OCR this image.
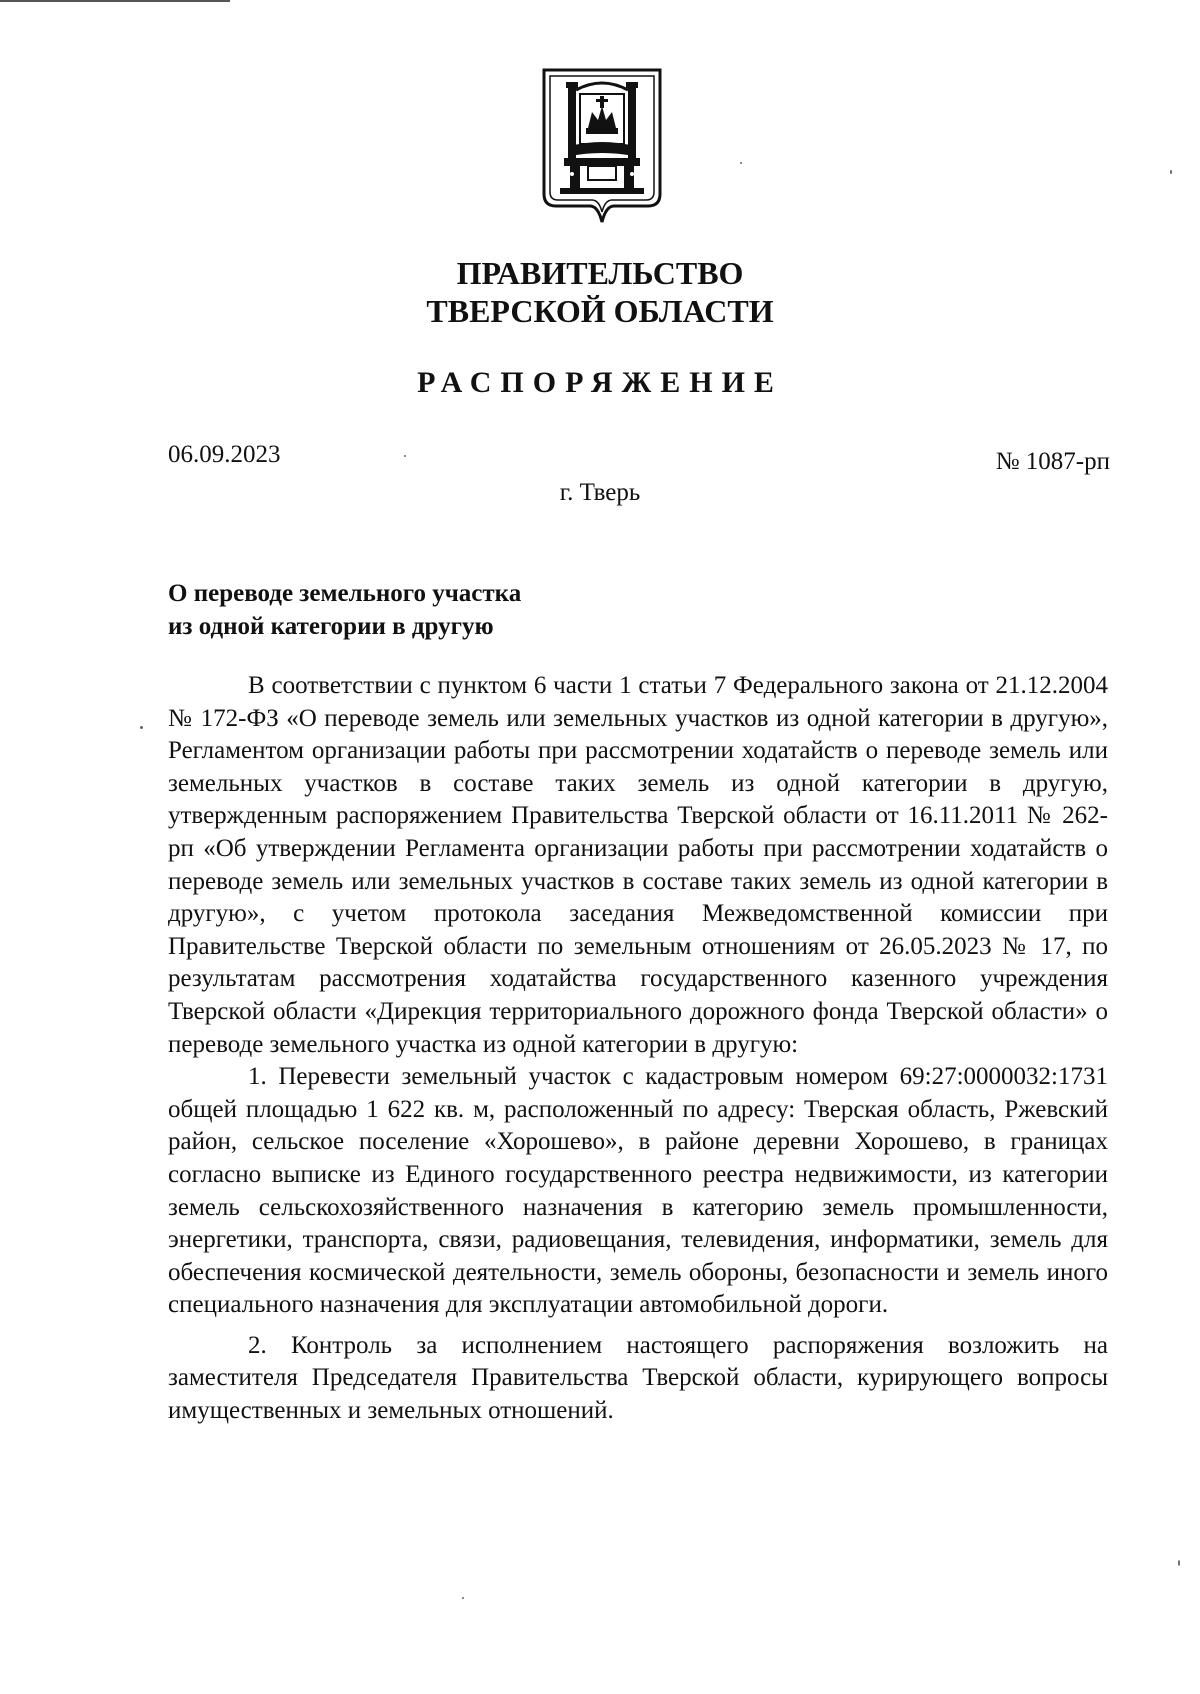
ПРАВИТЕЛЬСТВО
ТВЕРСКОЙ ОБЛАСТИ
РАСПОРЯЖЕНИЕ
06.09.2023	№ 1087-рп
г. Тверь
О переводе земельного участка
из одной категории в другую

В соответствии с пунктом 6 части 1 статьи 7 Федерального закона от 21.12.2004 № 172-ФЗ «О переводе земель или земельных участков из одной категории в другую», Регламентом организации работы при рассмотрении ходатайств о переводе земель или земельных участков в составе таких земель из одной категории в другую, утвержденным распоряжением Правительства Тверской области от 16.11.2011 № 262-рп «Об утверждении Регламента организации работы при рассмотрении ходатайств о переводе земель или земельных участков в составе таких земель из одной категории в другую», с учетом протокола заседания Межведомственной комиссии при Правительстве Тверской области по земельным отношениям от 26.05.2023 № 17, по результатам рассмотрения ходатайства государственного казенного учреждения Тверской области «Дирекция территориального дорожного фонда Тверской области» о переводе земельного участка из одной категории в другую:

1. Перевести земельный участок с кадастровым номером 69:27:0000032:1731 общей площадью 1 622 кв. м, расположенный по адресу: Тверская область, Ржевский район, сельское поселение «Хорошево», в районе деревни Хорошево, в границах согласно выписке из Единого государственного реестра недвижимости, из категории земель сельскохозяйственного назначения в категорию земель промышленности, энергетики, транспорта, связи, радиовещания, телевидения, информатики, земель для обеспечения космической деятельности, земель обороны, безопасности и земель иного специального назначения для эксплуатации автомобильной дороги.

2. Контроль за исполнением настоящего распоряжения возложить на заместителя Председателя Правительства Тверской области, курирующего вопросы имущественных и земельных отношений.
